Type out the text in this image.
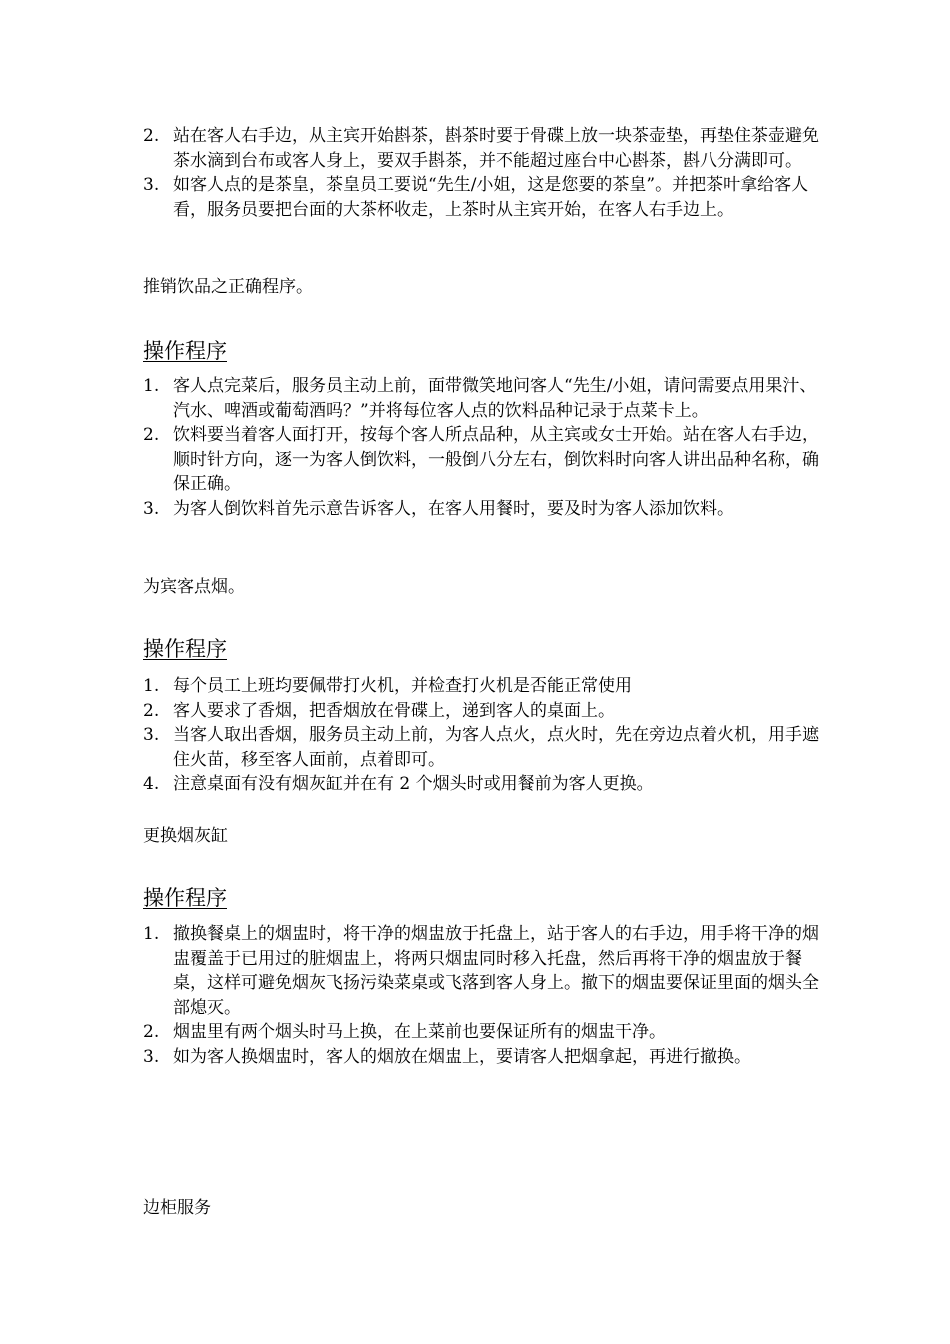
2. 站在客人右手边，从主宾开始斟茶，斟茶时要于骨碟上放一块茶壶垫，再垫住茶壶避免茶水滴到台布或客人身上，要双手斟茶，并不能超过座台中心斟茶，斟八分满即可。
3. 如客人点的是茶皇，茶皇员工要说“先生/小姐，这是您要的茶皇”。并把茶叶拿给客人看，服务员要把台面的大茶杯收走，上茶时从主宾开始，在客人右手边上。

推销饮品之正确程序。

操作程序
1. 客人点完菜后，服务员主动上前，面带微笑地问客人“先生/小姐，请问需要点用果汁、汽水、啤酒或葡萄酒吗？”并将每位客人点的饮料品种记录于点菜卡上。
2. 饮料要当着客人面打开，按每个客人所点品种，从主宾或女士开始。站在客人右手边，顺时针方向，逐一为客人倒饮料，一般倒八分左右，倒饮料时向客人讲出品种名称，确保正确。
3. 为客人倒饮料首先示意告诉客人，在客人用餐时，要及时为客人添加饮料。

为宾客点烟。

操作程序
1. 每个员工上班均要佩带打火机，并检查打火机是否能正常使用
2. 客人要求了香烟，把香烟放在骨碟上，递到客人的桌面上。
3. 当客人取出香烟，服务员主动上前，为客人点火，点火时，先在旁边点着火机，用手遮住火苗，移至客人面前，点着即可。
4. 注意桌面有没有烟灰缸并在有 2 个烟头时或用餐前为客人更换。

更换烟灰缸

操作程序
1. 撤换餐桌上的烟盅时，将干净的烟盅放于托盘上，站于客人的右手边，用手将干净的烟盅覆盖于已用过的脏烟盅上，将两只烟盅同时移入托盘，然后再将干净的烟盅放于餐桌，这样可避免烟灰飞扬污染菜桌或飞落到客人身上。撤下的烟盅要保证里面的烟头全部熄灭。
2. 烟盅里有两个烟头时马上换，在上菜前也要保证所有的烟盅干净。
3. 如为客人换烟盅时，客人的烟放在烟盅上，要请客人把烟拿起，再进行撤换。

边柜服务
